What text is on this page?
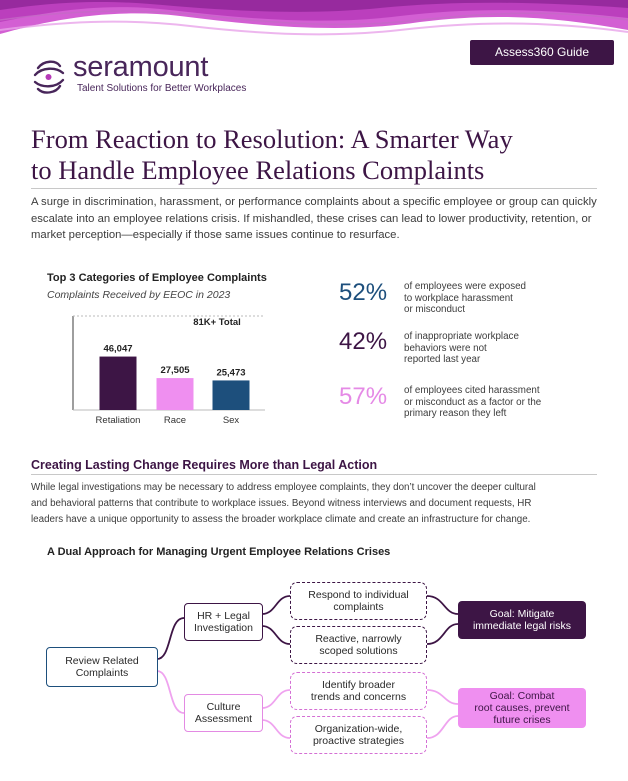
Assess360 Guide
seramount
Talent Solutions for Better Workplaces
From Reaction to Resolution: A Smarter Way
to Handle Employee Relations Complaints
A surge in discrimination, harassment, or performance complaints about a specific employee or group can quickly escalate into an employee relations crisis. If mishandled, these crises can lead to lower productivity, retention, or market perception—especially if those same issues continue to resurface.
Top 3 Categories of Employee Complaints
Complaints Received by EEOC in 2023
81K+ Total
46,047
Retaliation
27,505
Race
25,473
Sex
52% of employees were exposed
to workplace harassment
or misconduct
42% of inappropriate workplace
behaviors were not
reported last year
57% of employees cited harassment
or misconduct as a factor or the
primary reason they left
Creating Lasting Change Requires More than Legal Action
While legal investigations may be necessary to address employee complaints, they don’t uncover the deeper cultural
and behavioral patterns that contribute to workplace issues. Beyond witness interviews and document requests, HR
leaders have a unique opportunity to assess the broader workplace climate and create an infrastructure for change.
A Dual Approach for Managing Urgent Employee Relations Crises
Review Related
Complaints
HR + Legal
Investigation
Culture
Assessment
Respond to individual
complaints
Reactive, narrowly
scoped solutions
Identify broader
trends and concerns
Organization-wide,
proactive strategies
Goal: Mitigate
immediate legal risks
Goal: Combat
root causes, prevent
future crises
